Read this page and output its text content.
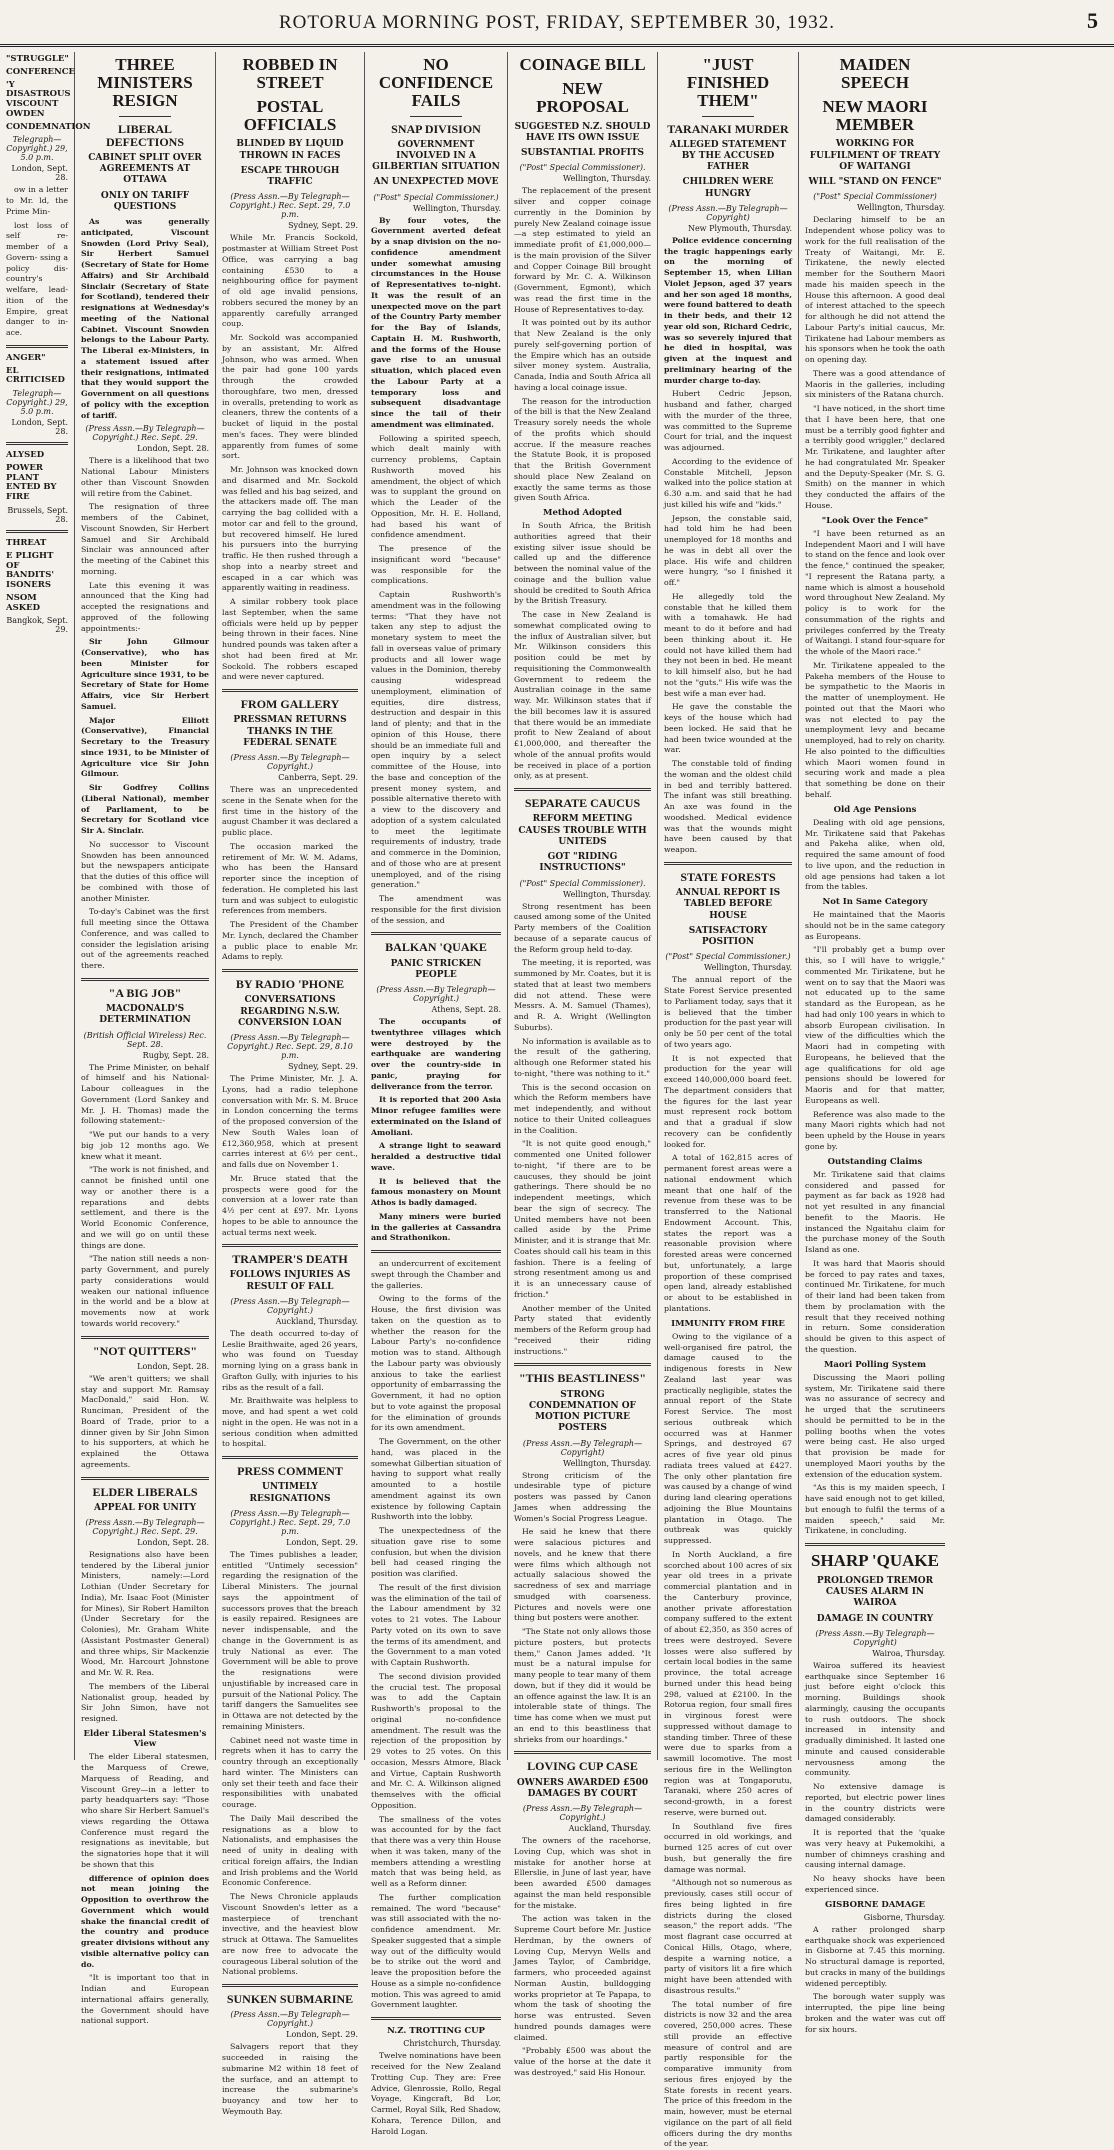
ROTORUA MORNING POST, FRIDAY, SEPTEMBER 30, 1932.	5
"STRUGGLE"
CONFERENCE
'Y DISASTROUS VISCOUNT OWDEN
CONDEMNATION
Telegraph—Copyright.) 29, 5.0 p.m.
London, Sept. 28.

ow in a letter to Mr. ld, the Prime Min-

lost loss of self re- member of a Govern- ssing a policy dis- country's welfare, lead- ition of the Empire, great danger to in- ace.

ANGER"
EL CRITICISED
Telegraph—Copyright.) 29, 5.0 p.m.
London, Sept. 28.
ALYSED
POWER PLANT ENTED BY FIRE
Brussels, Sept. 28.
THREAT
E PLIGHT OF BANDITS' ISONERS
NSOM ASKED
Bangkok, Sept. 29.
THREE MINISTERS RESIGN
LIBERAL DEFECTIONS
CABINET SPLIT OVER AGREEMENTS AT OTTAWA
ONLY ON TARIFF QUESTIONS

As was generally anticipated, Viscount Snowden (Lord Privy Seal), Sir Herbert Samuel (Secretary of State for Home Affairs) and Sir Archibald Sinclair (Secretary of State for Scotland), tendered their resignations at Wednesday's meeting of the National Cabinet. Viscount Snowden belongs to the Labour Party. The Liberal ex-Ministers, in a statement issued after their resignations, intimated that they would support the Government on all questions of policy with the exception of tariff.

(Press Assn.—By Telegraph—Copyright.) Rec. Sept. 29.
London, Sept. 28.

There is a likelihood that two National Labour Ministers other than Viscount Snowden will retire from the Cabinet.

The resignation of three members of the Cabinet, Viscount Snowden, Sir Herbert Samuel and Sir Archibald Sinclair was announced after the meeting of the Cabinet this morning.

Late this evening it was announced that the King had accepted the resignations and approved of the following appointments:-

Sir John Gilmour (Conservative), who has been Minister for Agriculture since 1931, to be Secretary of State for Home Affairs, vice Sir Herbert Samuel.

Major Elliott (Conservative), Financial Secretary to the Treasury since 1931, to be Minister of Agriculture vice Sir John Gilmour.

Sir Godfrey Collins (Liberal National), member of Parliament, to be Secretary for Scotland vice Sir A. Sinclair.

No successor to Viscount Snowden has been announced but the newspapers anticipate that the duties of this office will be combined with those of another Minister.

To-day's Cabinet was the first full meeting since the Ottawa Conference, and was called to consider the legislation arising out of the agreements reached there.

"A BIG JOB"
MACDONALD'S DETERMINATION
(British Official Wireless) Rec. Sept. 28.
Rugby, Sept. 28.

The Prime Minister, on behalf of himself and his National-Labour colleagues in the Government (Lord Sankey and Mr. J. H. Thomas) made the following statement:-

"We put our hands to a very big job 12 months ago. We knew what it meant.

"The work is not finished, and cannot be finished until one way or another there is a reparations and debts settlement, and there is the World Economic Conference, and we will go on until these things are done.

"The nation still needs a non-party Government, and purely party considerations would weaken our national influence in the world and be a blow at movements now at work towards world recovery."

"NOT QUITTERS"
London, Sept. 28.

"We aren't quitters; we shall stay and support Mr. Ramsay MacDonald," said Hon. W. Runciman, President of the Board of Trade, prior to a dinner given by Sir John Simon to his supporters, at which he explained the Ottawa agreements.

ELDER LIBERALS
APPEAL FOR UNITY
(Press Assn.—By Telegraph—Copyright.) Rec. Sept. 29.
London, Sept. 28.

Resignations also have been tendered by the Liberal junior Ministers, namely:—Lord Lothian (Under Secretary for India), Mr. Isaac Foot (Minister for Mines), Sir Robert Hamilton (Under Secretary for the Colonies), Mr. Graham White (Assistant Postmaster General) and three whips, Sir Mackenzie Wood, Mr. Harcourt Johnstone and Mr. W. R. Rea.

The members of the Liberal Nationalist group, headed by Sir John Simon, have not resigned.

Elder Liberal Statesmen's View

The elder Liberal statesmen, the Marquess of Crewe, Marquess of Reading, and Viscount Grey—in a letter to party headquarters say: "Those who share Sir Herbert Samuel's views regarding the Ottawa Conference must regard the resignations as inevitable, but the signatories hope that it will be shown that this

difference of opinion does not mean joining the Opposition to overthrow the Government which would shake the financial credit of the country and produce greater divisions without any visible alternative policy can do.

"It is important too that in Indian and European international affairs generally, the Government should have national support.

ROBBED IN STREET
POSTAL OFFICIALS
BLINDED BY LIQUID THROWN IN FACES
ESCAPE THROUGH TRAFFIC
(Press Assn.—By Telegraph—Copyright.) Rec. Sept. 29, 7.0 p.m.
Sydney, Sept. 29.

While Mr. Francis Sockold, postmaster at William Street Post Office, was carrying a bag containing £530 to a neighbouring office for payment of old age invalid pensions, robbers secured the money by an apparently carefully arranged coup.

Mr. Sockold was accompanied by an assistant, Mr. Alfred Johnson, who was armed. When the pair had gone 100 yards through the crowded thoroughfare, two men, dressed in overalls, pretending to work as cleaners, threw the contents of a bucket of liquid in the postal men's faces. They were blinded apparently from fumes of some sort.

Mr. Johnson was knocked down and disarmed and Mr. Sockold was felled and his bag seized, and the attackers made off. The man carrying the bag collided with a motor car and fell to the ground, but recovered himself. He lured his pursuers into the hurrying traffic. He then rushed through a shop into a nearby street and escaped in a car which was apparently waiting in readiness.

A similar robbery took place last September, when the same officials were held up by pepper being thrown in their faces. Nine hundred pounds was taken after a shot had been fired at Mr. Sockold. The robbers escaped and were never captured.

FROM GALLERY
PRESSMAN RETURNS THANKS IN THE FEDERAL SENATE
(Press Assn.—By Telegraph—Copyright.)
Canberra, Sept. 29.

There was an unprecedented scene in the Senate when for the first time in the history of the august Chamber it was declared a public place.

The occasion marked the retirement of Mr. W. M. Adams, who has been the Hansard reporter since the inception of federation. He completed his last turn and was subject to eulogistic references from members.

The President of the Chamber Mr. Lynch, declared the Chamber a public place to enable Mr. Adams to reply.

BY RADIO 'PHONE
CONVERSATIONS REGARDING N.S.W. CONVERSION LOAN
(Press Assn.—By Telegraph—Copyright.) Rec. Sept. 29, 8.10 p.m.
Sydney, Sept. 29.

The Prime Minister, Mr. J. A. Lyons, had a radio telephone conversation with Mr. S. M. Bruce in London concerning the terms of the proposed conversion of the New South Wales loan of £12,360,958, which at present carries interest at 6½ per cent., and falls due on November 1.

Mr. Bruce stated that the prospects were good for the conversion at a lower rate than 4½ per cent at £97. Mr. Lyons hopes to be able to announce the actual terms next week.

TRAMPER'S DEATH
FOLLOWS INJURIES AS RESULT OF FALL
(Press Assn.—By Telegraph—Copyright.)
Auckland, Thursday.

The death occurred to-day of Leslie Braithwaite, aged 26 years, who was found on Tuesday morning lying on a grass bank in Grafton Gully, with injuries to his ribs as the result of a fall.

Mr. Braithwaite was helpless to move, and had spent a wet cold night in the open. He was not in a serious condition when admitted to hospital.

PRESS COMMENT
UNTIMELY RESIGNATIONS
(Press Assn.—By Telegraph—Copyright.) Rec. Sept. 29, 7.0 p.m.
London, Sept. 29.

The Times publishes a leader, entitled "Untimely secession" regarding the resignation of the Liberal Ministers. The journal says the appointment of successors proves that the breach is easily repaired. Resignees are never indispensable, and the change in the Government is as truly National as ever. The Government will be able to prove the resignations were unjustifiable by increased care in pursuit of the National Policy. The tariff dangers the Samuelites see in Ottawa are not detected by the remaining Ministers.

Cabinet need not waste time in regrets when it has to carry the country through an exceptionally hard winter. The Ministers can only set their teeth and face their responsibilities with unabated courage.

The Daily Mail described the resignations as a blow to Nationalists, and emphasises the need of unity in dealing with critical foreign affairs, the Indian and Irish problems and the World Economic Conference.

The News Chronicle applauds Viscount Snowden's letter as a masterpiece of trenchant invective, and the heaviest blow struck at Ottawa. The Samuelites are now free to advocate the courageous Liberal solution of the National problems.

SUNKEN SUBMARINE
(Press Assn.—By Telegraph—Copyright.)
London, Sept. 29.

Salvagers report that they succeeded in raising the submarine M2 within 18 feet of the surface, and an attempt to increase the submarine's buoyancy and tow her to Weymouth Bay.

NO CONFIDENCE FAILS
SNAP DIVISION
GOVERNMENT INVOLVED IN A GILBERTIAN SITUATION
AN UNEXPECTED MOVE
("Post" Special Commissioner.)
Wellington, Thursday.

By four votes, the Government averted defeat by a snap division on the no-confidence amendment under somewhat amusing circumstances in the House of Representatives to-night. It was the result of an unexpected move on the part of the Country Party member for the Bay of Islands, Captain H. M. Rushworth, and the forms of the House gave rise to an unusual situation, which placed even the Labour Party at a temporary loss and subsequent disadvantage since the tail of their amendment was eliminated.

Following a spirited speech, which dealt mainly with currency problems, Captain Rushworth moved his amendment, the object of which was to supplant the ground on which the Leader of the Opposition, Mr. H. E. Holland, had based his want of confidence amendment.

The presence of the insignificant word "because" was responsible for the complications.

Captain Rushworth's amendment was in the following terms: "That they have not taken any step to adjust the monetary system to meet the fall in overseas value of primary products and all lower wage values in the Dominion, thereby causing widespread unemployment, elimination of equities, dire distress, destruction and despair in this land of plenty; and that in the opinion of this House, there should be an immediate full and open inquiry by a select committee of the House, into the base and conception of the present money system, and possible alternative thereto with a view to the discovery and adoption of a system calculated to meet the legitimate requirements of industry, trade and commerce in the Dominion, and of those who are at present unemployed, and of the rising generation."

The amendment was responsible for the first division of the session, and

BALKAN 'QUAKE
PANIC STRICKEN PEOPLE
(Press Assn.—By Telegraph—Copyright.)
Athens, Sept. 28.

The occupants of twentythree villages which were destroyed by the earthquake are wandering over the country-side in panic, praying for deliverance from the terror.

It is reported that 200 Asia Minor refugee families were exterminated on the Island of Amoliani.

A strange light to seaward heralded a destructive tidal wave.

It is believed that the famous monastery on Mount Athos is badly damaged.

Many miners were buried in the galleries at Cassandra and Strathonikon.

an undercurrent of excitement swept through the Chamber and the galleries.

Owing to the forms of the House, the first division was taken on the question as to whether the reason for the Labour Party's no-confidence motion was to stand. Although the Labour party was obviously anxious to take the earliest opportunity of embarrassing the Government, it had no option but to vote against the proposal for the elimination of grounds for its own amendment.

The Government, on the other hand, was placed in the somewhat Gilbertian situation of having to support what really amounted to a hostile amendment against its own existence by following Captain Rushworth into the lobby.

The unexpectedness of the situation gave rise to some confusion, but when the division bell had ceased ringing the position was clarified.

The result of the first division was the elimination of the tail of the Labour amendment by 32 votes to 21 votes. The Labour Party voted on its own to save the terms of its amendment, and the Government to a man voted with Captain Rushworth.

The second division provided the crucial test. The proposal was to add the Captain Rushworth's proposal to the original no-confidence amendment. The result was the rejection of the proposition by 29 votes to 25 votes. On this occasion, Messrs Atmore, Black and Virtue, Captain Rushworth and Mr. C. A. Wilkinson aligned themselves with the official Opposition.

The smallness of the votes was accounted for by the fact that there was a very thin House when it was taken, many of the members attending a wrestling match that was being held, as well as a Reform dinner.

The further complication remained. The word "because" was still associated with the no-confidence amendment. Mr. Speaker suggested that a simple way out of the difficulty would be to strike out the word and leave the proposition before the House as a simple no-confidence motion. This was agreed to amid Government laughter.

N.Z. TROTTING CUP
Christchurch, Thursday.

Twelve nominations have been received for the New Zealand Trotting Cup. They are: Free Advice, Glenrossie, Rollo, Regal Voyage, Kingcraft, Bd Lor, Carmel, Royal Silk, Red Shadow, Kohara, Terence Dillon, and Harold Logan.

COINAGE BILL
NEW PROPOSAL
SUGGESTED N.Z. SHOULD HAVE ITS OWN ISSUE
SUBSTANTIAL PROFITS
("Post" Special Commissioner).
Wellington, Thursday.

The replacement of the present silver and copper coinage currently in the Dominion by purely New Zealand coinage issue—a step estimated to yield an immediate profit of £1,000,000—is the main provision of the Silver and Copper Coinage Bill brought forward by Mr. C. A. Wilkinson (Government, Egmont), which was read the first time in the House of Representatives to-day.

It was pointed out by its author that New Zealand is the only purely self-governing portion of the Empire which has an outside silver money system. Australia, Canada, India and South Africa all having a local coinage issue.

The reason for the introduction of the bill is that the New Zealand Treasury sorely needs the whole of the profits which should accrue. If the measure reaches the Statute Book, it is proposed that the British Government should place New Zealand on exactly the same terms as those given South Africa.

Method Adopted

In South Africa, the British authorities agreed that their existing silver issue should be called up and the difference between the nominal value of the coinage and the bullion value should be credited to South Africa by the British Treasury.

The case in New Zealand is somewhat complicated owing to the influx of Australian silver, but Mr. Wilkinson considers this position could be met by requisitioning the Commonwealth Government to redeem the Australian coinage in the same way. Mr. Wilkinson states that if the bill becomes law it is assured that there would be an immediate profit to New Zealand of about £1,000,000, and thereafter the whole of the annual profits would be received in place of a portion only, as at present.

SEPARATE CAUCUS
REFORM MEETING CAUSES TROUBLE WITH UNITEDS
GOT "RIDING INSTRUCTIONS"
("Post" Special Commissioner).
Wellington, Thursday.

Strong resentment has been caused among some of the United Party members of the Coalition because of a separate caucus of the Reform group held to-day.

The meeting, it is reported, was summoned by Mr. Coates, but it is stated that at least two members did not attend. These were Messrs. A. M. Samuel (Thames), and R. A. Wright (Wellington Suburbs).

No information is available as to the result of the gathering, although one Reformer stated his to-night, "there was nothing to it."

This is the second occasion on which the Reform members have met independently, and without notice to their United colleagues in the Coalition.

"It is not quite good enough," commented one United follower to-night, "if there are to be caucuses, they should be joint gatherings. There should be no independent meetings, which bear the sign of secrecy. The United members have not been called aside by the Prime Minister, and it is strange that Mr. Coates should call his team in this fashion. There is a feeling of strong resentment among us and it is an unnecessary cause of friction."

Another member of the United Party stated that evidently members of the Reform group had "received their riding instructions."

"THIS BEASTLINESS"
STRONG CONDEMNATION OF MOTION PICTURE POSTERS
(Press Assn.—By Telegraph—Copyright)
Wellington, Thursday.

Strong criticism of the undesirable type of picture posters was passed by Canon James when addressing the Women's Social Progress League.

He said he knew that there were salacious pictures and novels, and he knew that there were films which although not actually salacious showed the sacredness of sex and marriage smudged with coarseness. Pictures and novels were one thing but posters were another.

"The State not only allows those picture posters, but protects them," Canon James added. "It must be a natural impulse for many people to tear many of them down, but if they did it would be an offence against the law. It is an intolerable state of things. The time has come when we must put an end to this beastliness that shrieks from our hoardings."

LOVING CUP CASE
OWNERS AWARDED £500 DAMAGES BY COURT
(Press Assn.—By Telegraph—Copyright.)
Auckland, Thursday.

The owners of the racehorse, Loving Cup, which was shot in mistake for another horse at Ellerslie, in June of last year, have been awarded £500 damages against the man held responsible for the mistake.

The action was taken in the Supreme Court before Mr. Justice Herdman, by the owners of Loving Cup, Mervyn Wells and James Taylor, of Cambridge, farmers, who proceeded against Norman Austin, bulldogging works proprietor at Te Papapa, to whom the task of shooting the horse was entrusted. Seven hundred pounds damages were claimed.

"Probably £500 was about the value of the horse at the date it was destroyed," said His Honour.

"JUST FINISHED THEM"
TARANAKI MURDER
ALLEGED STATEMENT BY THE ACCUSED FATHER
CHILDREN WERE HUNGRY
(Press Assn.—By Telegraph—Copyright)
New Plymouth, Thursday.

Police evidence concerning the tragic happenings early on the morning of September 15, when Lilian Violet Jepson, aged 37 years and her son aged 18 months, were found battered to death in their beds, and their 12 year old son, Richard Cedric, was so severely injured that he died in hospital, was given at the inquest and preliminary hearing of the murder charge to-day.

Hubert Cedric Jepson, husband and father, charged with the murder of the three, was committed to the Supreme Court for trial, and the inquest was adjourned.

According to the evidence of Constable Mitchell, Jepson walked into the police station at 6.30 a.m. and said that he had just killed his wife and "kids."

Jepson, the constable said, had told him he had been unemployed for 18 months and he was in debt all over the place. His wife and children were hungry, "so I finished it off."

He allegedly told the constable that he killed them with a tomahawk. He had meant to do it before and had been thinking about it. He could not have killed them had they not been in bed. He meant to kill himself also, but he had not the "guts." His wife was the best wife a man ever had.

He gave the constable the keys of the house which had been locked. He said that he had been twice wounded at the war.

The constable told of finding the woman and the oldest child in bed and terribly battered. The infant was still breathing. An axe was found in the woodshed. Medical evidence was that the wounds might have been caused by that weapon.

STATE FORESTS
ANNUAL REPORT IS TABLED BEFORE HOUSE
SATISFACTORY POSITION
("Post" Special Commissioner.)
Wellington, Thursday.

The annual report of the State Forest Service presented to Parliament today, says that it is believed that the timber production for the past year will only be 50 per cent of the total of two years ago.

It is not expected that production for the year will exceed 140,000,000 board feet. The department considers that the figures for the last year must represent rock bottom and that a gradual if slow recovery can be confidently looked for.

A total of 162,815 acres of permanent forest areas were a national endowment which meant that one half of the revenue from these was to be transferred to the National Endowment Account. This, states the report was a reasonable provision where forested areas were concerned but, unfortunately, a large proportion of these comprised open land, already established or about to be established in plantations.

IMMUNITY FROM FIRE

Owing to the vigilance of a well-organised fire patrol, the damage caused to the indigenous forests in New Zealand last year was practically negligible, states the annual report of the State Forest Service. The most serious outbreak which occurred was at Hanmer Springs, and destroyed 67 acres of five year old pinus radiata trees valued at £427. The only other plantation fire was caused by a change of wind during land clearing operations adjoining the Blue Mountains plantation in Otago. The outbreak was quickly suppressed.

In North Auckland, a fire scorched about 100 acres of six year old trees in a private commercial plantation and in the Canterbury province, another private afforestation company suffered to the extent of about £2,350, as 350 acres of trees were destroyed. Severe losses were also suffered by certain local bodies in the same province, the total acreage burned under this head being 298, valued at £2100. In the Rotorua region, four small fires in virginous forest were suppressed without damage to standing timber. Three of these were due to sparks from a sawmill locomotive. The most serious fire in the Wellington region was at Tongaporutu, Taranaki, where 250 acres of second-growth, in a forest reserve, were burned out.

In Southland five fires occurred in old workings, and burned 125 acres of cut over bush, but generally the fire damage was normal.

"Although not so numerous as previously, cases still occur of fires being lighted in fire districts during the closed season," the report adds. "The most flagrant case occurred at Conical Hills, Otago, where, despite a warning notice, a party of visitors lit a fire which might have been attended with disastrous results."

The total number of fire districts is now 32 and the area covered, 250,000 acres. These still provide an effective measure of control and are partly responsible for the comparative immunity from serious fires enjoyed by the State forests in recent years. The price of this freedom in the main, however, must be eternal vigilance on the part of all field officers during the dry months of the year.

MAIDEN SPEECH
NEW MAORI MEMBER
WORKING FOR FULFILMENT OF TREATY OF WAITANGI
WILL "STAND ON FENCE"
("Post" Special Commissioner)
Wellington, Thursday.

Declaring himself to be an Independent whose policy was to work for the full realisation of the Treaty of Waitangi, Mr. E. Tirikatene, the newly elected member for the Southern Maori made his maiden speech in the House this afternoon. A good deal of interest attached to the speech for although he did not attend the Labour Party's initial caucus, Mr. Tirikatene had Labour members as his sponsors when he took the oath on opening day.

There was a good attendance of Maoris in the galleries, including six ministers of the Ratana church.

"I have noticed, in the short time that I have been here, that one must be a terribly good fighter and a terribly good wriggler," declared Mr. Tirikatene, and laughter after he had congratulated Mr. Speaker and the Deputy-Speaker (Mr. S. G. Smith) on the manner in which they conducted the affairs of the House.

"Look Over the Fence"

"I have been returned as an Independent Maori and I will have to stand on the fence and look over the fence," continued the speaker, "I represent the Ratana party, a name which is almost a household word throughout New Zealand. My policy is to work for the consummation of the rights and privileges conferred by the Treaty of Waitangi. I stand four-square for the whole of the Maori race."

Mr. Tirikatene appealed to the Pakeha members of the House to be sympathetic to the Maoris in the matter of unemployment. He pointed out that the Maori who was not elected to pay the unemployment levy and became unemployed, had to rely on charity. He also pointed to the difficulties which Maori women found in securing work and made a plea that something be done on their behalf.

Old Age Pensions

Dealing with old age pensions, Mr. Tirikatene said that Pakehas and Pakeha alike, when old, required the same amount of food to live upon, and the reduction in old age pensions had taken a lot from the tables.

Not In Same Category

He maintained that the Maoris should not be in the same category as Europeans.

"I'll probably get a bump over this, so I will have to wriggle," commented Mr. Tirikatene, but he went on to say that the Maori was not educated up to the same standard as the European, as he had had only 100 years in which to absorb European civilisation. In view of the difficulties which the Maori had in competing with Europeans, he believed that the age qualifications for old age pensions should be lowered for Maoris and for that matter, Europeans as well.

Reference was also made to the many Maori rights which had not been upheld by the House in years gone by.

Outstanding Claims

Mr. Tirikatene said that claims considered and passed for payment as far back as 1928 had not yet resulted in any financial benefit to the Maoris. He instanced the Ngaitahu claim for the purchase money of the South Island as one.

It was hard that Maoris should be forced to pay rates and taxes, continued Mr. Tirikatene, for much of their land had been taken from them by proclamation with the result that they received nothing in return. Some consideration should be given to this aspect of the question.

Maori Polling System

Discussing the Maori polling system, Mr. Tirikatene said there was no assurance of secrecy and he urged that the scrutineers should be permitted to be in the polling booths when the votes were being cast. He also urged that provision be made for unemployed Maori youths by the extension of the education system.

"As this is my maiden speech, I have said enough not to get killed, but enough to fulfil the terms of a maiden speech," said Mr. Tirikatene, in concluding.

SHARP 'QUAKE
PROLONGED TREMOR CAUSES ALARM IN WAIROA
DAMAGE IN COUNTRY
(Press Assn.—By Telegraph—Copyright)
Wairoa, Thursday.

Wairoa suffered its heaviest earthquake since September 16 just before eight o'clock this morning. Buildings shook alarmingly, causing the occupants to rush outdoors. The shock increased in intensity and gradually diminished. It lasted one minute and caused considerable nervousness among the community.

No extensive damage is reported, but electric power lines in the country districts were damaged considerably.

It is reported that the 'quake was very heavy at Pukemokihi, a number of chimneys crashing and causing internal damage.

No heavy shocks have been experienced since.

GISBORNE DAMAGE
Gisborne, Thursday.

A rather prolonged sharp earthquake shock was experienced in Gisborne at 7.45 this morning. No structural damage is reported, but cracks in many of the buildings widened perceptibly.

The borough water supply was interrupted, the pipe line being broken and the water was cut off for six hours.
